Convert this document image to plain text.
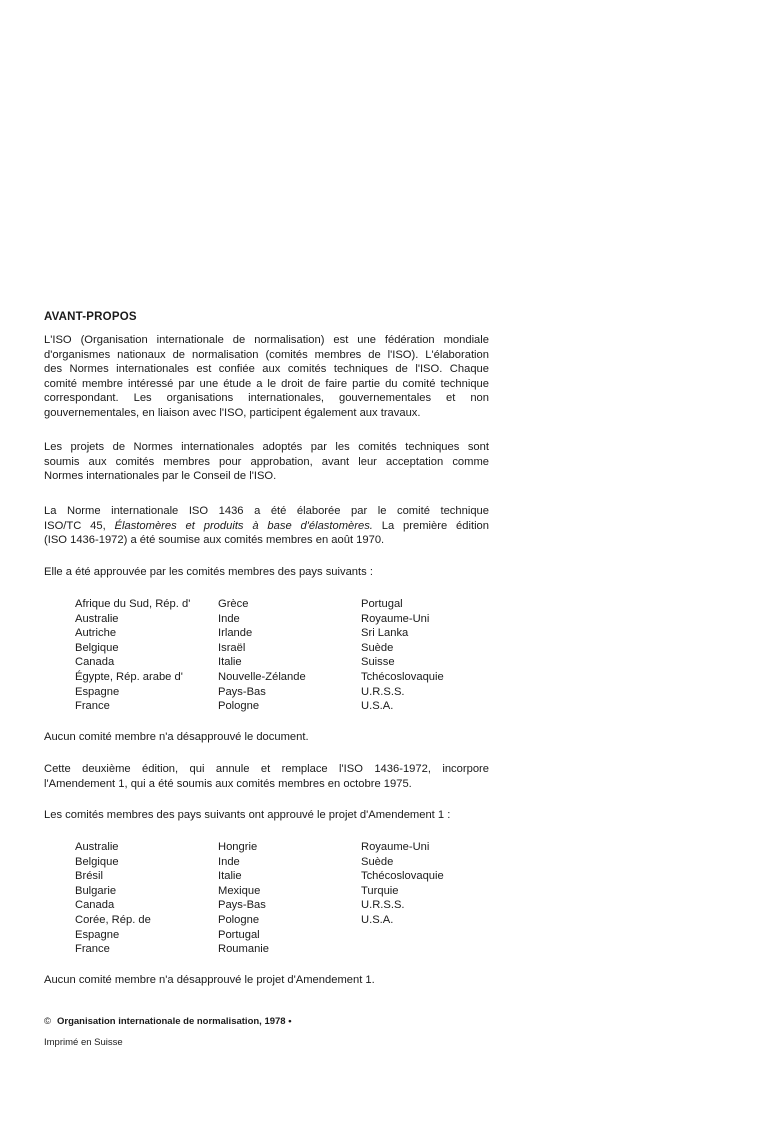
AVANT-PROPOS

L'ISO (Organisation internationale de normalisation) est une fédération mondiale
d'organismes nationaux de normalisation (comités membres de l'ISO). L'élaboration
des Normes internationales est confiée aux comités techniques de l'ISO. Chaque
comité membre intéressé par une étude a le droit de faire partie du comité technique
correspondant. Les organisations internationales, gouvernementales et non
gouvernementales, en liaison avec l'ISO, participent également aux travaux.

Les projets de Normes internationales adoptés par les comités techniques sont
soumis aux comités membres pour approbation, avant leur acceptation comme
Normes internationales par le Conseil de l'ISO.

La Norme internationale ISO 1436 a été élaborée par le comité technique
ISO/TC 45, Élastomères et produits à base d'élastomères. La première édition
(ISO 1436-1972) a été soumise aux comités membres en août 1970.

Elle a été approuvée par les comités membres des pays suivants :

Afrique du Sud, Rép. d'
Australie
Autriche
Belgique
Canada
Égypte, Rép. arabe d'
Espagne
France
Grèce
Inde
Irlande
Israël
Italie
Nouvelle-Zélande
Pays-Bas
Pologne
Portugal
Royaume-Uni
Sri Lanka
Suède
Suisse
Tchécoslovaquie
U.R.S.S.
U.S.A.

Aucun comité membre n'a désapprouvé le document.

Cette deuxième édition, qui annule et remplace l'ISO 1436-1972, incorpore
l'Amendement 1, qui a été soumis aux comités membres en octobre 1975.

Les comités membres des pays suivants ont approuvé le projet d'Amendement 1 :

Australie
Belgique
Brésil
Bulgarie
Canada
Corée, Rép. de
Espagne
France
Hongrie
Inde
Italie
Mexique
Pays-Bas
Pologne
Portugal
Roumanie
Royaume-Uni
Suède
Tchécoslovaquie
Turquie
U.R.S.S.
U.S.A.

Aucun comité membre n'a désapprouvé le projet d'Amendement 1.

© Organisation internationale de normalisation, 1978 •
Imprimé en Suisse
